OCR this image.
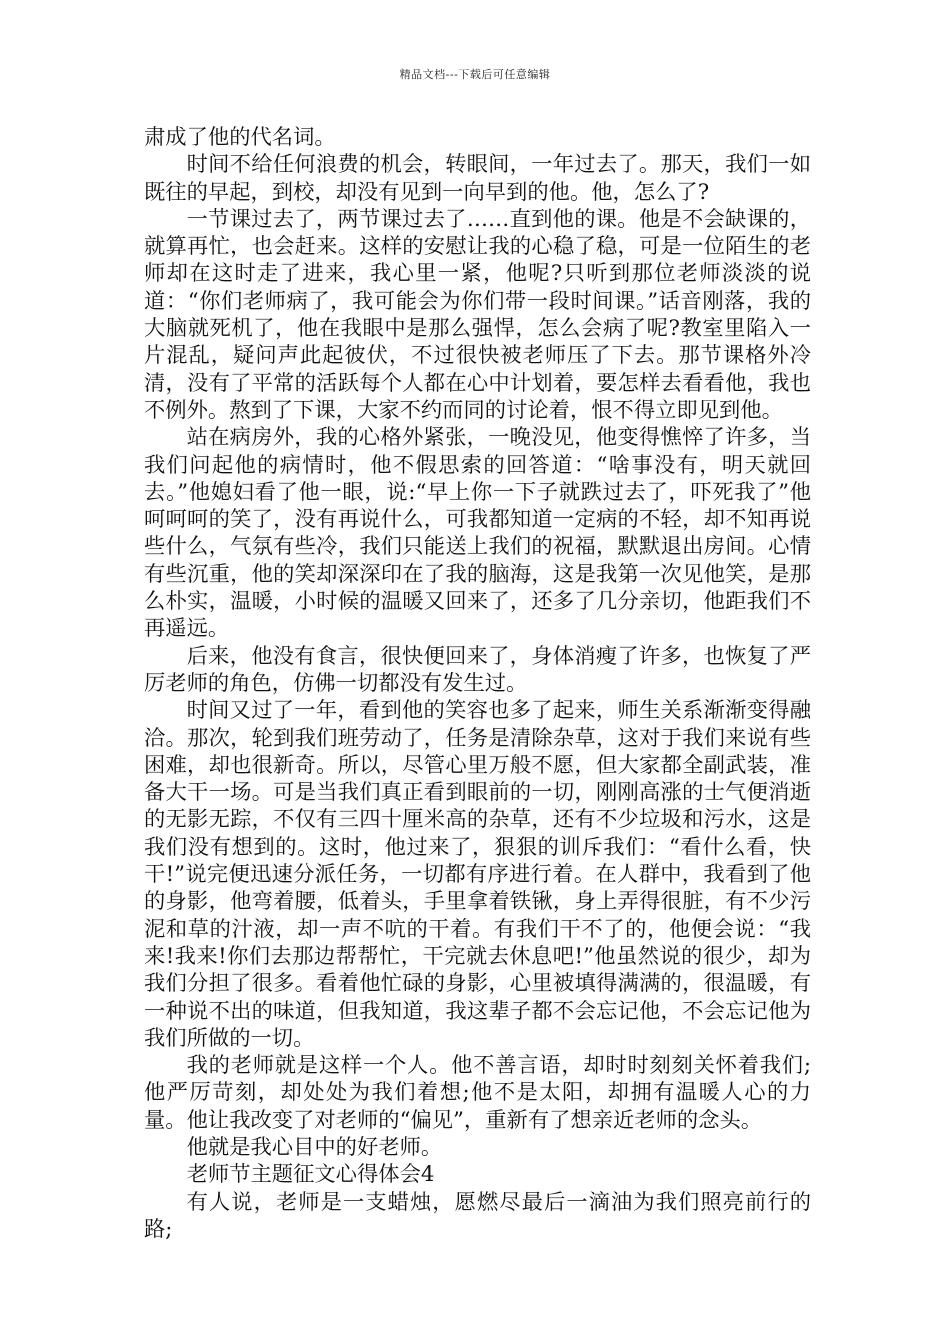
精品文档---下载后可任意编辑

肃成了他的代名词。

时间不给任何浪费的机会，转眼间，一年过去了。那天，我们一如既往的早起，到校，却没有见到一向早到的他。他，怎么了?

一节课过去了，两节课过去了……直到他的课。他是不会缺课的，就算再忙，也会赶来。这样的安慰让我的心稳了稳，可是一位陌生的老师却在这时走了进来，我心里一紧，他呢?只听到那位老师淡淡的说道：“你们老师病了，我可能会为你们带一段时间课。”话音刚落，我的大脑就死机了，他在我眼中是那么强悍，怎么会病了呢?教室里陷入一片混乱，疑问声此起彼伏，不过很快被老师压了下去。那节课格外冷清，没有了平常的活跃每个人都在心中计划着，要怎样去看看他，我也不例外。熬到了下课，大家不约而同的讨论着，恨不得立即见到他。

站在病房外，我的心格外紧张，一晚没见，他变得憔悴了许多，当我们问起他的病情时，他不假思索的回答道：“啥事没有，明天就回去。”他媳妇看了他一眼，说:“早上你一下子就跌过去了，吓死我了”他呵呵呵的笑了，没有再说什么，可我都知道一定病的不轻，却不知再说些什么，气氛有些冷，我们只能送上我们的祝福，默默退出房间。心情有些沉重，他的笑却深深印在了我的脑海，这是我第一次见他笑，是那么朴实，温暖，小时候的温暖又回来了，还多了几分亲切，他距我们不再遥远。

后来，他没有食言，很快便回来了，身体消瘦了许多，也恢复了严厉老师的角色，仿佛一切都没有发生过。

时间又过了一年，看到他的笑容也多了起来，师生关系渐渐变得融洽。那次，轮到我们班劳动了，任务是清除杂草，这对于我们来说有些困难，却也很新奇。所以，尽管心里万般不愿，但大家都全副武装，准备大干一场。可是当我们真正看到眼前的一切，刚刚高涨的士气便消逝的无影无踪，不仅有三四十厘米高的杂草，还有不少垃圾和污水，这是我们没有想到的。这时，他过来了，狠狠的训斥我们：“看什么看，快干!”说完便迅速分派任务，一切都有序进行着。在人群中，我看到了他的身影，他弯着腰，低着头，手里拿着铁锹，身上弄得很脏，有不少污泥和草的汁液，却一声不吭的干着。有我们干不了的，他便会说：“我来!我来!你们去那边帮帮忙，干完就去休息吧!”他虽然说的很少，却为我们分担了很多。看着他忙碌的身影，心里被填得满满的，很温暖，有一种说不出的味道，但我知道，我这辈子都不会忘记他，不会忘记他为我们所做的一切。

我的老师就是这样一个人。他不善言语，却时时刻刻关怀着我们;他严厉苛刻，却处处为我们着想;他不是太阳，却拥有温暖人心的力量。他让我改变了对老师的“偏见”，重新有了想亲近老师的念头。

他就是我心目中的好老师。

老师节主题征文心得体会4

有人说，老师是一支蜡烛，愿燃尽最后一滴油为我们照亮前行的路;
